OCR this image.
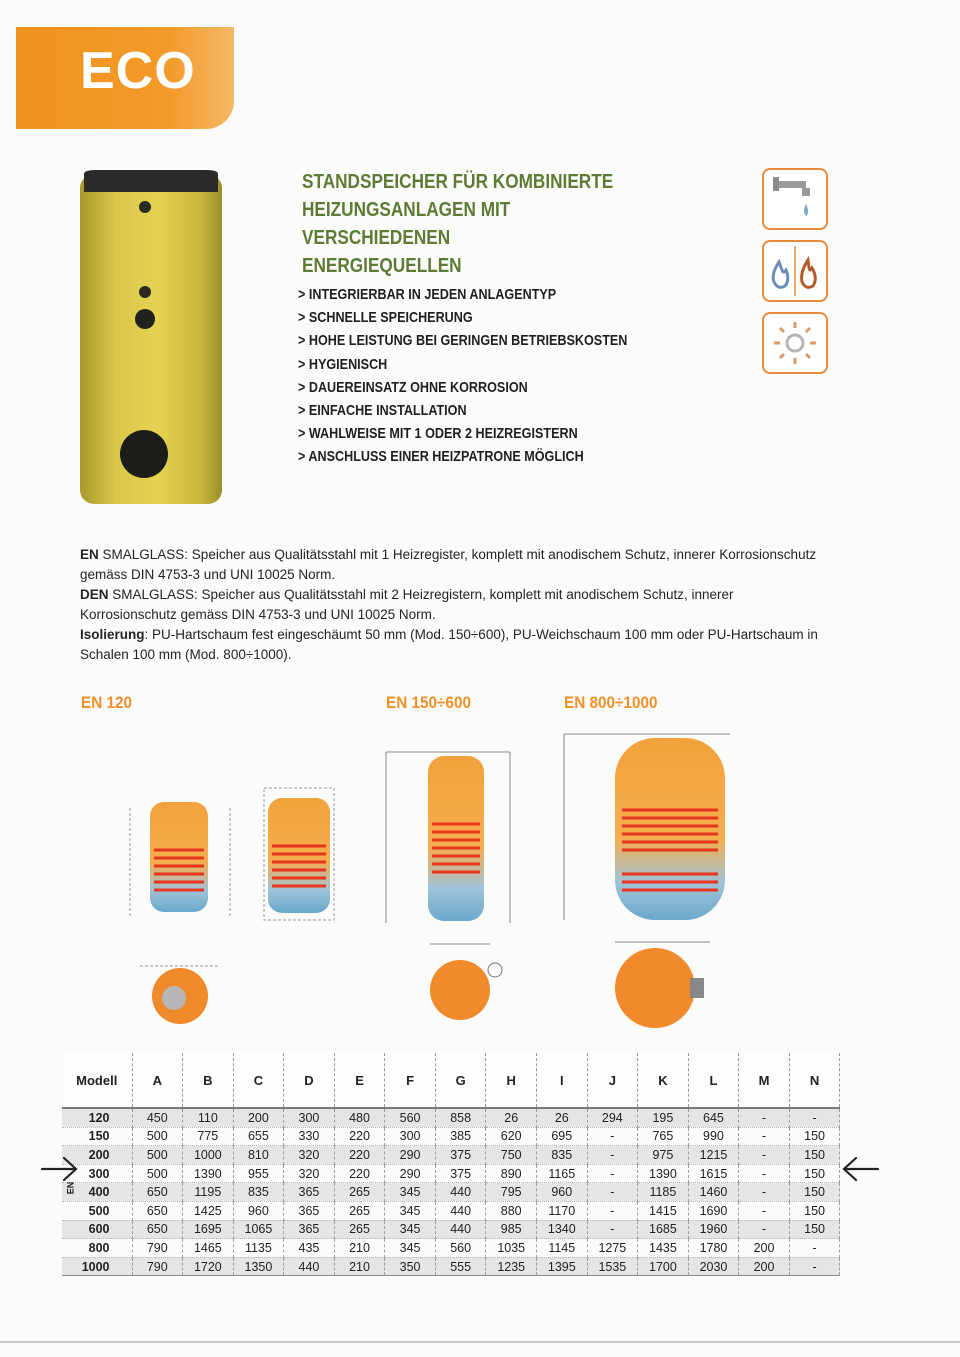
ECO
STANDSPEICHER FÜR KOMBINIERTE
HEIZUNGSANLAGEN MIT VERSCHIEDENEN
ENERGIEQUELLEN
> INTEGRIERBAR IN JEDEN ANLAGENTYP
> SCHNELLE SPEICHERUNG
> HOHE LEISTUNG BEI GERINGEN BETRIEBSKOSTEN
> HYGIENISCH
> DAUEREINSATZ OHNE KORROSION
> EINFACHE INSTALLATION
> WAHLWEISE MIT 1 ODER 2 HEIZREGISTERN
> ANSCHLUSS EINER HEIZPATRONE MÖGLICH

EN SMALGLASS: Speicher aus Qualitätsstahl mit 1 Heizregister, komplett mit anodischem Schutz, innerer Korrosionschutz gemäss DIN 4753-3 und UNI 10025 Norm.

DEN SMALGLASS: Speicher aus Qualitätsstahl mit 2 Heizregistern, komplett mit anodischem Schutz, innerer Korrosionschutz gemäss DIN 4753-3 und UNI 10025 Norm.

Isolierung: PU-Hartschaum fest eingeschäumt 50 mm (Mod. 150÷600), PU-Weichschaum 100 mm oder PU-Hartschaum in Schalen 100 mm (Mod. 800÷1000).

EN 120	EN 150÷600	EN 800÷1000
Modell	A	B	C	D	E	F	G	H	I	J	K	L	M	N
120	450	110	200	300	480	560	858	26	26	294	195	645	-	-
150	500	775	655	330	220	300	385	620	695	-	765	990	-	150
200	500	1000	810	320	220	290	375	750	835	-	975	1215	-	150
300	500	1390	955	320	220	290	375	890	1165	-	1390	1615	-	150
400	650	1195	835	365	265	345	440	795	960	-	1185	1460	-	150
500	650	1425	960	365	265	345	440	880	1170	-	1415	1690	-	150
600	650	1695	1065	365	265	345	440	985	1340	-	1685	1960	-	150
800	790	1465	1135	435	210	345	560	1035	1145	1275	1435	1780	200	-
1000	790	1720	1350	440	210	350	555	1235	1395	1535	1700	2030	200	-
EN
